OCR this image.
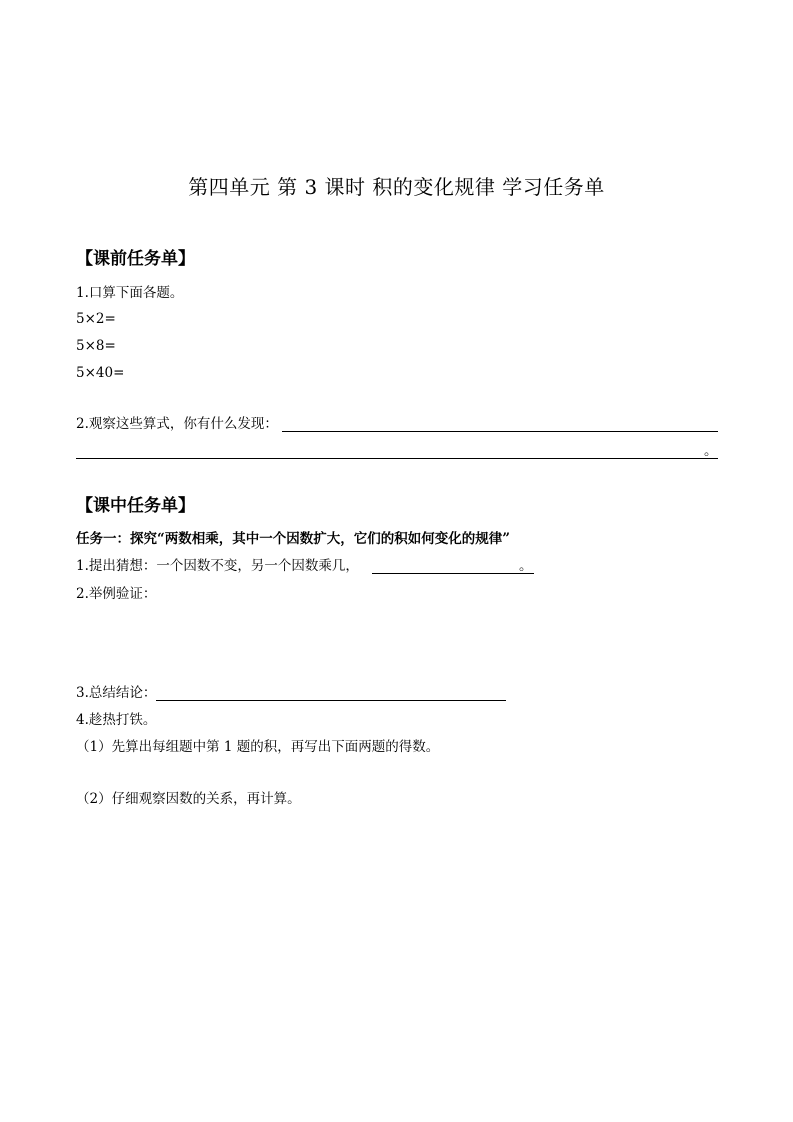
第四单元 第 3 课时 积的变化规律 学习任务单
【课前任务单】
1.口算下面各题。
5×2=
5×8=
5×40=
2.观察这些算式，你有什么发现：
。
【课中任务单】
任务一：探究“两数相乘，其中一个因数扩大，它们的积如何变化的规律”
1.提出猜想：一个因数不变，另一个因数乘几，	。
2.举例验证：
3.总结结论：
4.趁热打铁。
（1）先算出每组题中第 1 题的积，再写出下面两题的得数。
（2）仔细观察因数的关系，再计算。
